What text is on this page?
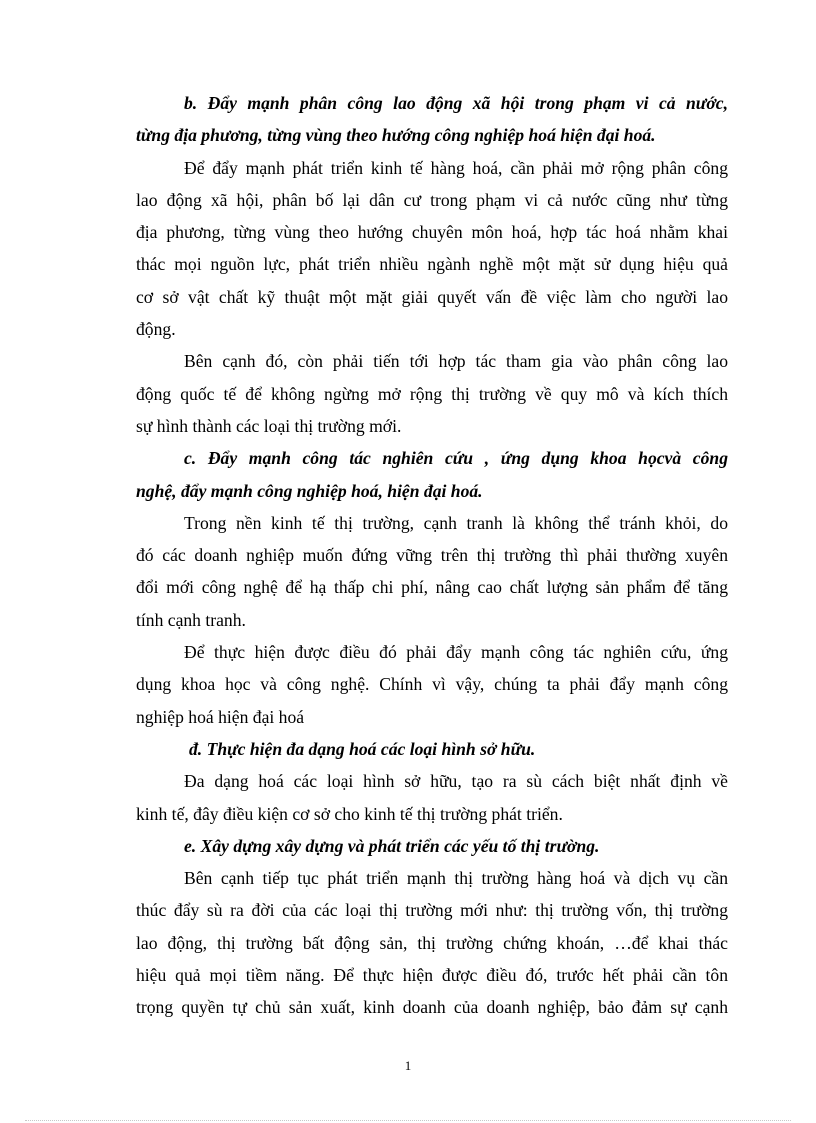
b. Đẩy mạnh phân công lao động xã hội trong phạm vi cả nước,
từng địa phương, từng vùng theo hướng công nghiệp hoá hiện đại hoá.
Để đẩy mạnh phát triển kinh tế hàng hoá, cần phải mở rộng phân công
lao động xã hội, phân bố lại dân cư trong phạm vi cả nước cũng như từng
địa phương, từng vùng theo hướng chuyên môn hoá, hợp tác hoá nhằm khai
thác mọi nguồn lực, phát triển nhiều ngành nghề một mặt sử dụng hiệu quả
cơ sở vật chất kỹ thuật một mặt giải quyết vấn đề việc làm cho người lao
động.
Bên cạnh đó, còn phải tiến tới hợp tác tham gia vào phân công lao
động quốc tế để không ngừng mở rộng thị trường về quy mô và kích thích
sự hình thành các loại thị trường mới.
c. Đẩy mạnh công tác nghiên cứu , ứng dụng khoa họcvà công
nghệ, đẩy mạnh công nghiệp hoá, hiện đại hoá.
Trong nền kinh tế thị trường, cạnh tranh là không thể tránh khỏi, do
đó các doanh nghiệp muốn đứng vững trên thị trường thì phải thường xuyên
đổi mới công nghệ để hạ thấp chi phí, nâng cao chất lượng sản phẩm để tăng
tính cạnh tranh.
Để thực hiện được điều đó phải đẩy mạnh công tác nghiên cứu, ứng
dụng khoa học và công nghệ. Chính vì vậy, chúng ta phải đẩy mạnh công
nghiệp hoá hiện đại hoá
đ. Thực hiện đa dạng hoá các loại hình sở hữu.
Đa dạng hoá các loại hình sở hữu, tạo ra sù cách biệt nhất định về
kinh tế, đây điều kiện cơ sở cho kinh tế thị trường phát triển.
e. Xây dựng xây dựng và phát triển các yếu tố thị trường.
Bên cạnh tiếp tục phát triển mạnh thị trường hàng hoá và dịch vụ cần
thúc đẩy sù ra đời của các loại thị trường mới như: thị trường vốn, thị trường
lao động, thị trường bất động sản, thị trường chứng khoán, …để khai thác
hiệu quả mọi tiềm năng. Để thực hiện được điều đó, trước hết phải cần tôn
trọng quyền tự chủ sản xuất, kinh doanh của doanh nghiệp, bảo đảm sự cạnh
1
